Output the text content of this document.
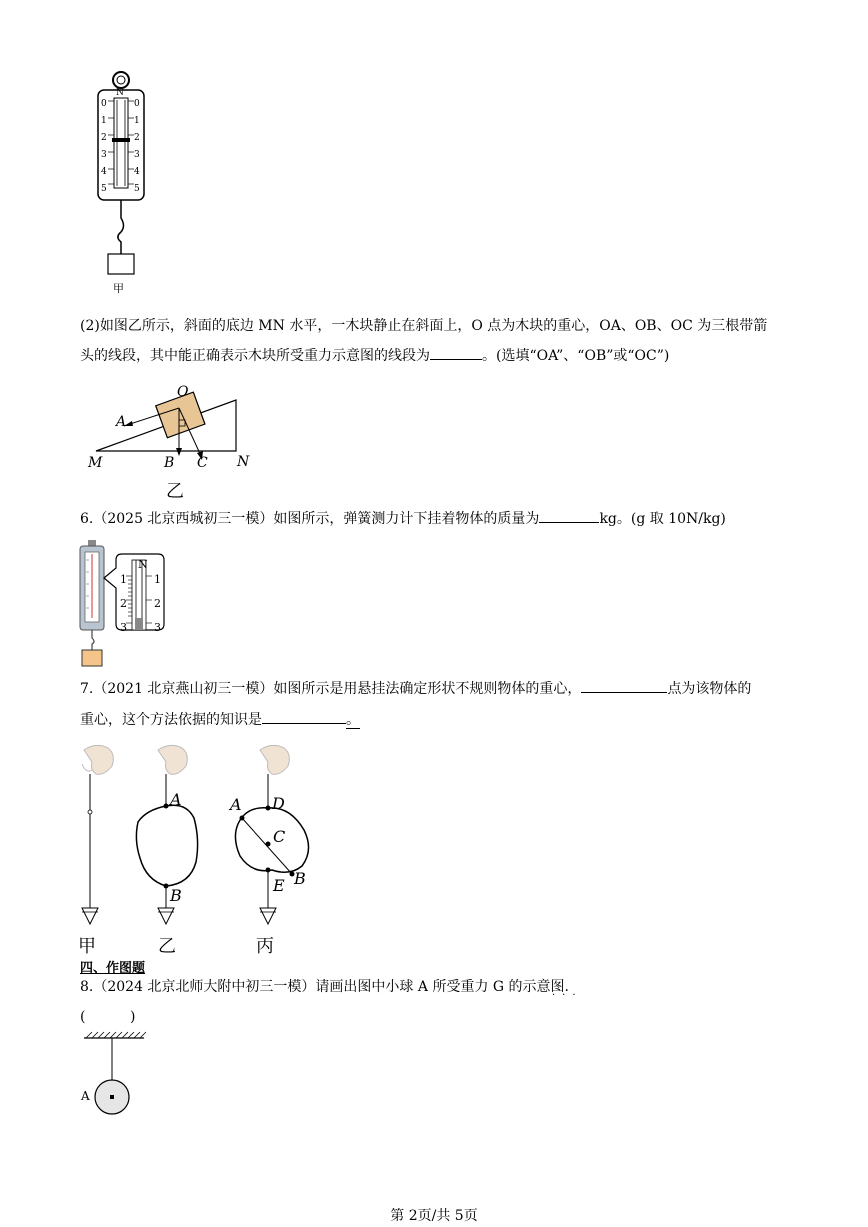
N
0
1
2
3
4
5
0
1
2
3
4
5
甲
(2)如图乙所示，斜面的底边 MN 水平，一木块静止在斜面上，O 点为木块的重心，OA、OB、OC 为三根带箭
头的线段，其中能正确表示木块所受重力示意图的线段为	。(选填“OA”、“OB”或“OC”)
A
O
M	B C N
乙
6.（2025 北京西城初三一模）如图所示，弹簧测力计下挂着物体的质量为	kg。(g 取 10N/kg)
N
1
2
3
1
2
3
7.（2021 北京燕山初三一模）如图所示是用悬挂法确定形状不规则物体的重心，	点为该物体的
重心，这个方法依据的知识是	。
A
B
A D
C
E B
甲	乙	丙
四、作图题
8.（2024 北京北师大附中初三一模）请画出图中小球 A 所受重力 G 的示意图.
···
(          )
A
第 2页/共 5页
